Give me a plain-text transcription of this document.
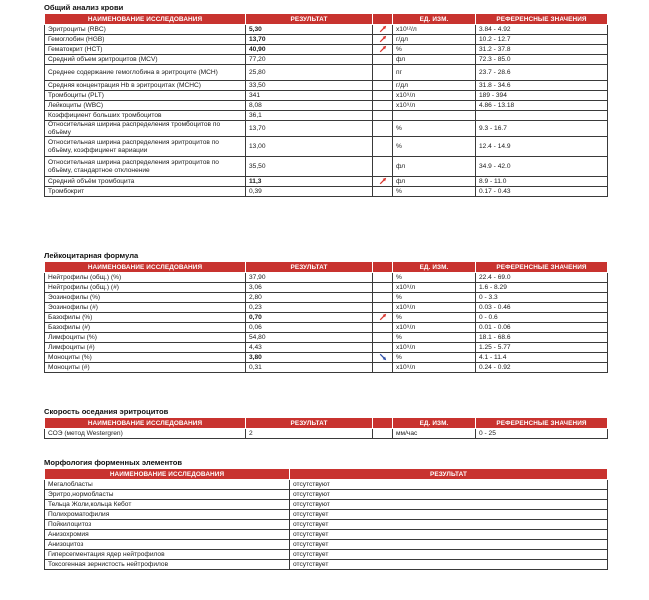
Общий анализ крови
НАИМЕНОВАНИЕ ИССЛЕДОВАНИЯ	РЕЗУЛЬТАТ		ЕД. ИЗМ.	РЕФЕРЕНСНЫЕ ЗНАЧЕНИЯ
Эритроциты (RBC)	5,30		x10¹²/л	3.84 - 4.92
Гемоглобин (HGB)	13,70		г/дл	10.2 - 12.7
Гематокрит (HCT)	40,90		%	31.2 - 37.8
Средний объем эритроцитов (MCV)	77,20		фл	72.3 - 85.0
Среднее содержание гемоглобина в эритроците (MCH)	25,80		пг	23.7 - 28.6
Средняя концентрация Hb в эритроцитах (MCHC)	33,50		г/дл	31.8 - 34.6
Тромбоциты (PLT)	341		x10⁹/л	189 - 394
Лейкоциты (WBC)	8,08		x10⁹/л	4.86 - 13.18
Коэффициент больших тромбоцитов	36,1			
Относительная ширина распределения тромбоцитов по объёму	13,70		%	9.3 - 16.7
Относительная ширина распределения эритроцитов по объёму, коэффициент вариации	13,00		%	12.4 - 14.9
Относительная ширина распределения эритроцитов по объёму, стандартное отклонение	35,50		фл	34.9 - 42.0
Средний объём тромбоцита	11,3		фл	8.9 - 11.0
Тромбокрит	0,39		%	0.17 - 0.43
Лейкоцитарная формула
НАИМЕНОВАНИЕ ИССЛЕДОВАНИЯ	РЕЗУЛЬТАТ		ЕД. ИЗМ.	РЕФЕРЕНСНЫЕ ЗНАЧЕНИЯ
Нейтрофилы (общ.) (%)	37,90		%	22.4 - 69.0
Нейтрофилы (общ.) (#)	3,06		x10⁹/л	1.6 - 8.29
Эозинофилы (%)	2,80		%	0 - 3.3
Эозинофилы (#)	0,23		x10⁹/л	0.03 - 0.46
Базофилы (%)	0,70		%	0 - 0.6
Базофилы (#)	0,06		x10⁹/л	0.01 - 0.06
Лимфоциты (%)	54,80		%	18.1 - 68.6
Лимфоциты (#)	4,43		x10⁹/л	1.25 - 5.77
Моноциты (%)	3,80		%	4.1 - 11.4
Моноциты (#)	0,31		x10⁹/л	0.24 - 0.92
Скорость оседания эритроцитов
НАИМЕНОВАНИЕ ИССЛЕДОВАНИЯ	РЕЗУЛЬТАТ		ЕД. ИЗМ.	РЕФЕРЕНСНЫЕ ЗНАЧЕНИЯ
СОЭ (метод Westergren)	2		мм/час	0 - 25
Морфология форменных элементов
НАИМЕНОВАНИЕ ИССЛЕДОВАНИЯ	РЕЗУЛЬТАТ
Мегалобласты	отсутствуют
Эритро,нормобласты	отсутствуют
Тельца Жоли,кольца Кебот	отсутствуют
Полихроматофилия	отсутствует
Пойкилоцитоз	отсутствует
Анизохромия	отсутствует
Анизоцитоз	отсутствует
Гиперсегментация ядер нейтрофилов	отсутствует
Токсогенная зернистость нейтрофилов	отсутствует
